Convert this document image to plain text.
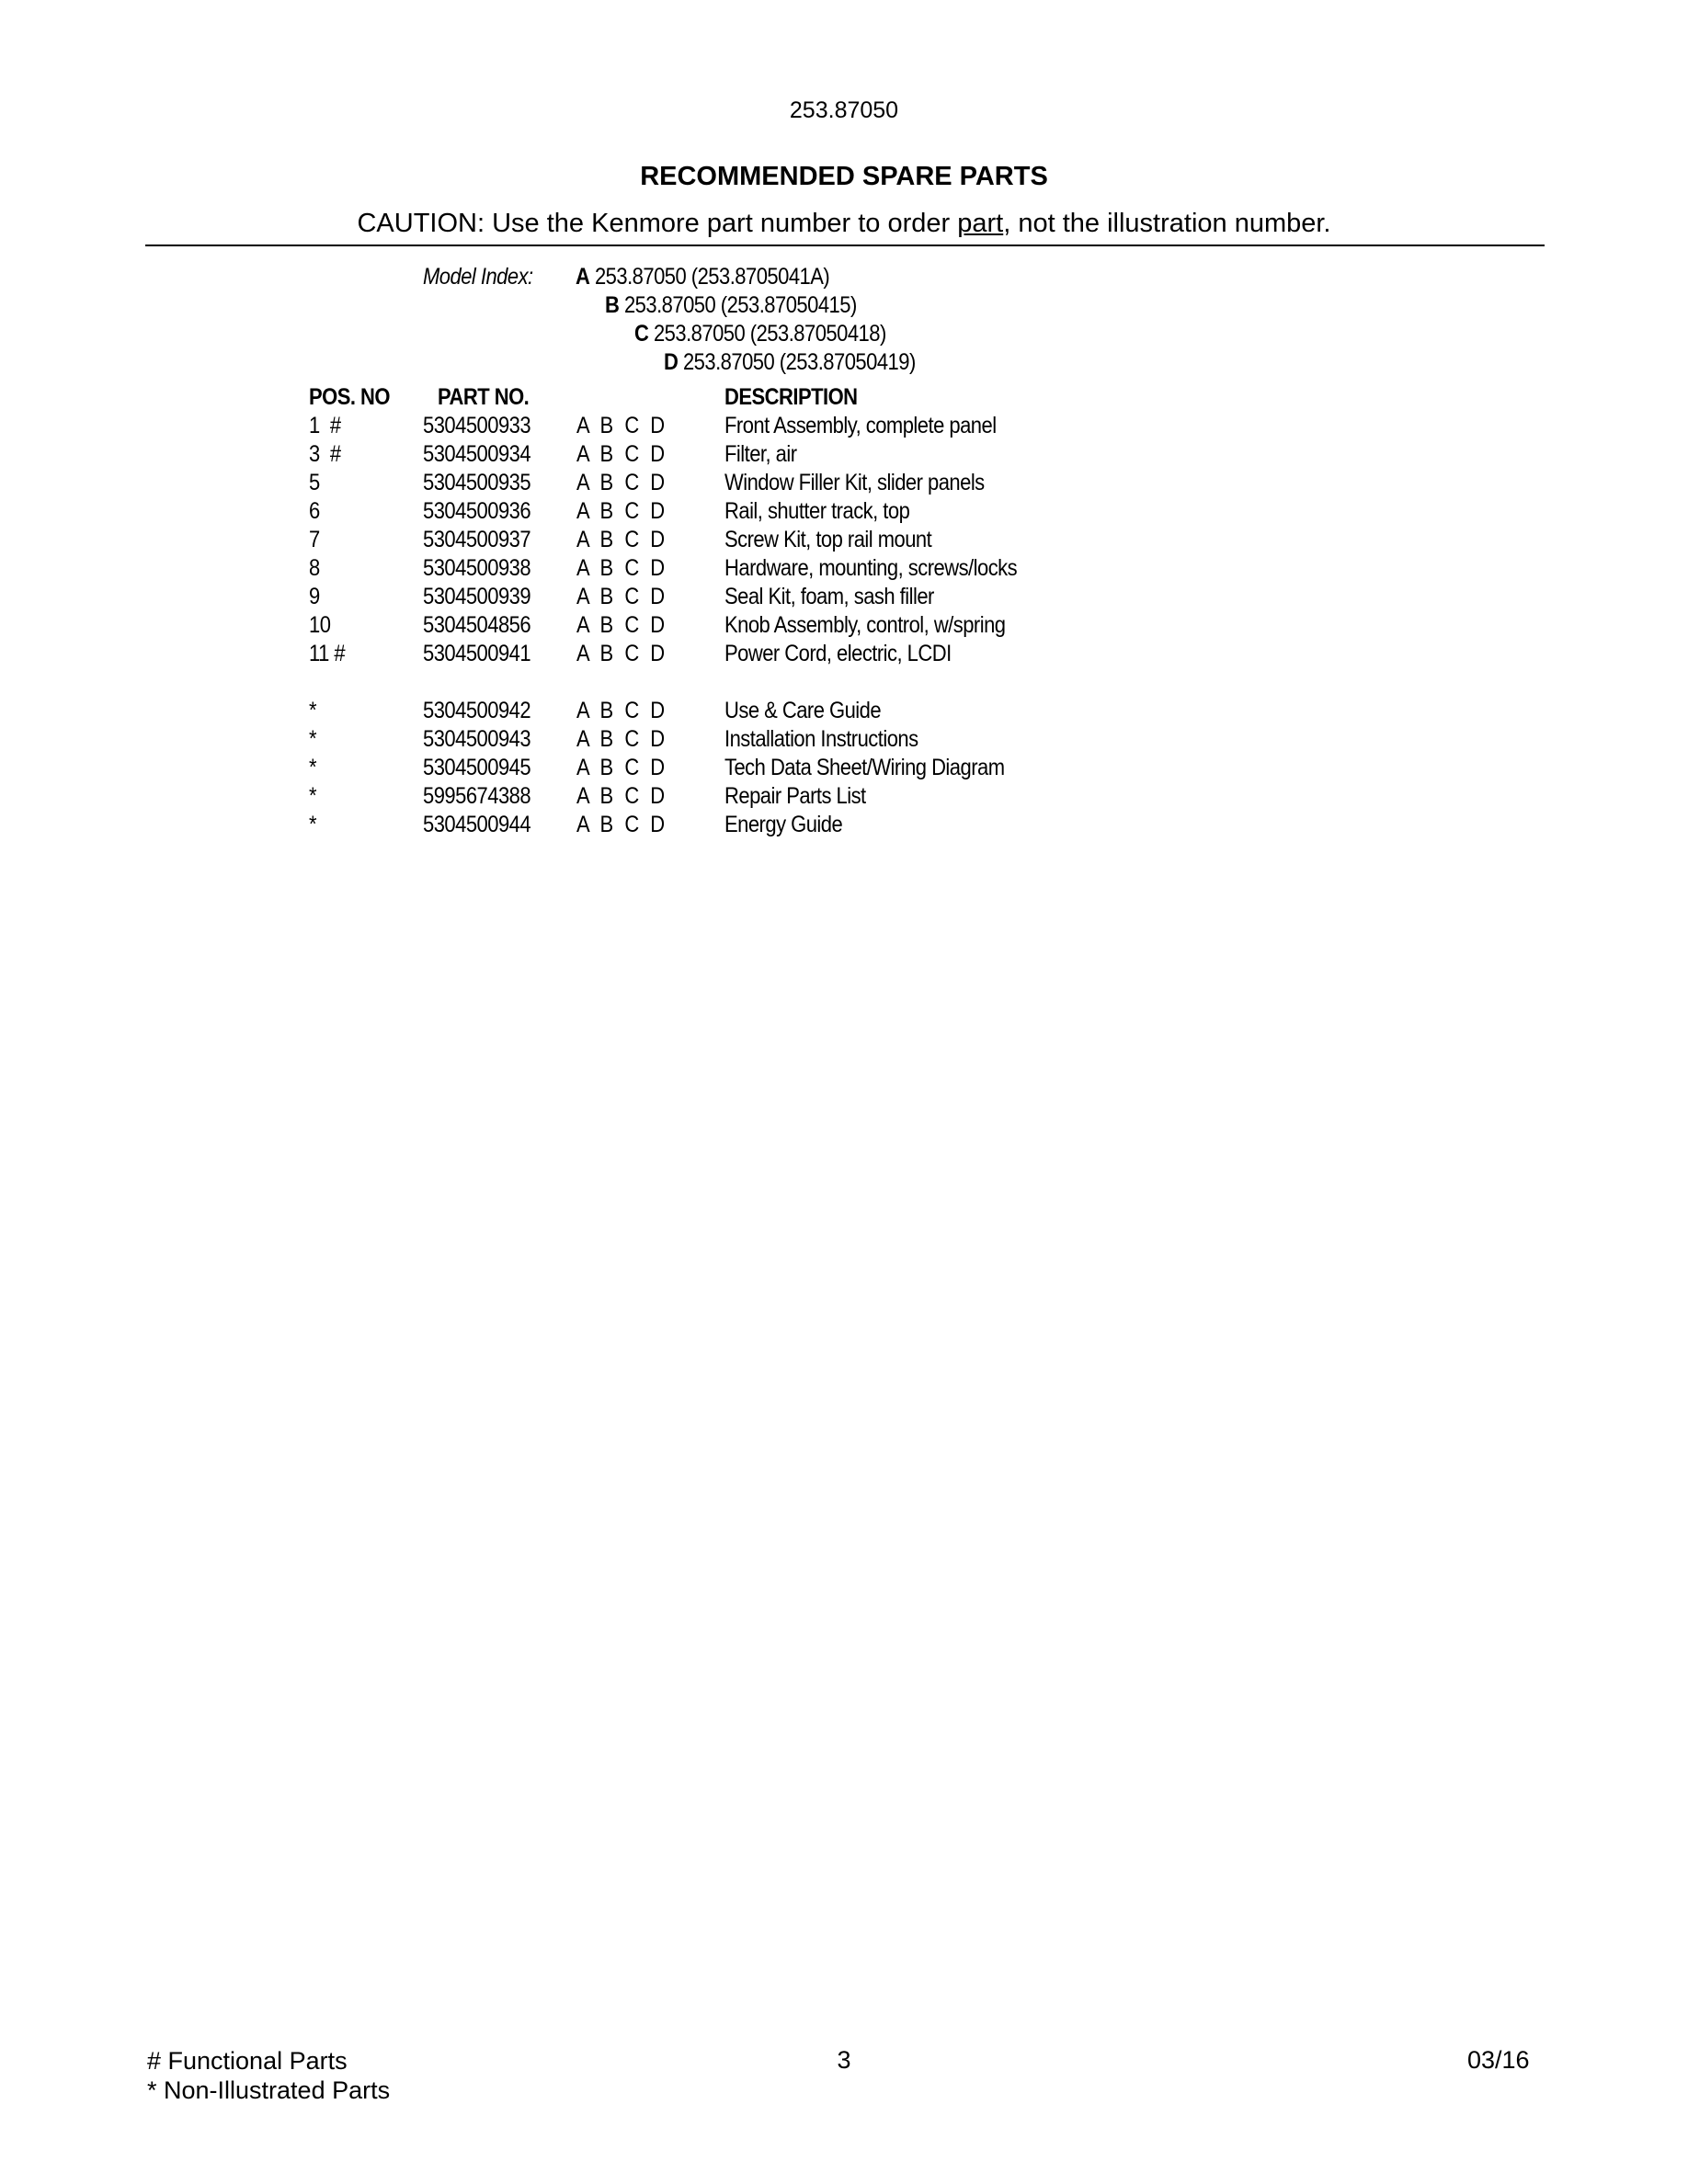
253.87050
RECOMMENDED SPARE PARTS
CAUTION: Use the Kenmore part number to order part, not the illustration number.
Model Index: A 253.87050 (253.8705041A)
B 253.87050 (253.87050415)
C 253.87050 (253.87050418)
D 253.87050 (253.87050419)
POS. NO PART NO.	DESCRIPTION
1  #	5304500933 A B C D	Front Assembly, complete panel
3  #	5304500934 A B C D	Filter, air
5	5304500935 A B C D	Window Filler Kit, slider panels
6	5304500936 A B C D	Rail, shutter track, top
7	5304500937 A B C D	Screw Kit, top rail mount
8	5304500938 A B C D	Hardware, mounting, screws/locks
9	5304500939 A B C D	Seal Kit, foam, sash filler
10	5304504856 A B C D	Knob Assembly, control, w/spring
11 #	5304500941 A B C D	Power Cord, electric, LCDI
*	5304500942 A B C D	Use & Care Guide
*	5304500943 A B C D	Installation Instructions
*	5304500945 A B C D	Tech Data Sheet/Wiring Diagram
*	5995674388 A B C D	Repair Parts List
*	5304500944 A B C D	Energy Guide
# Functional Parts
* Non-Illustrated Parts
3	03/16
